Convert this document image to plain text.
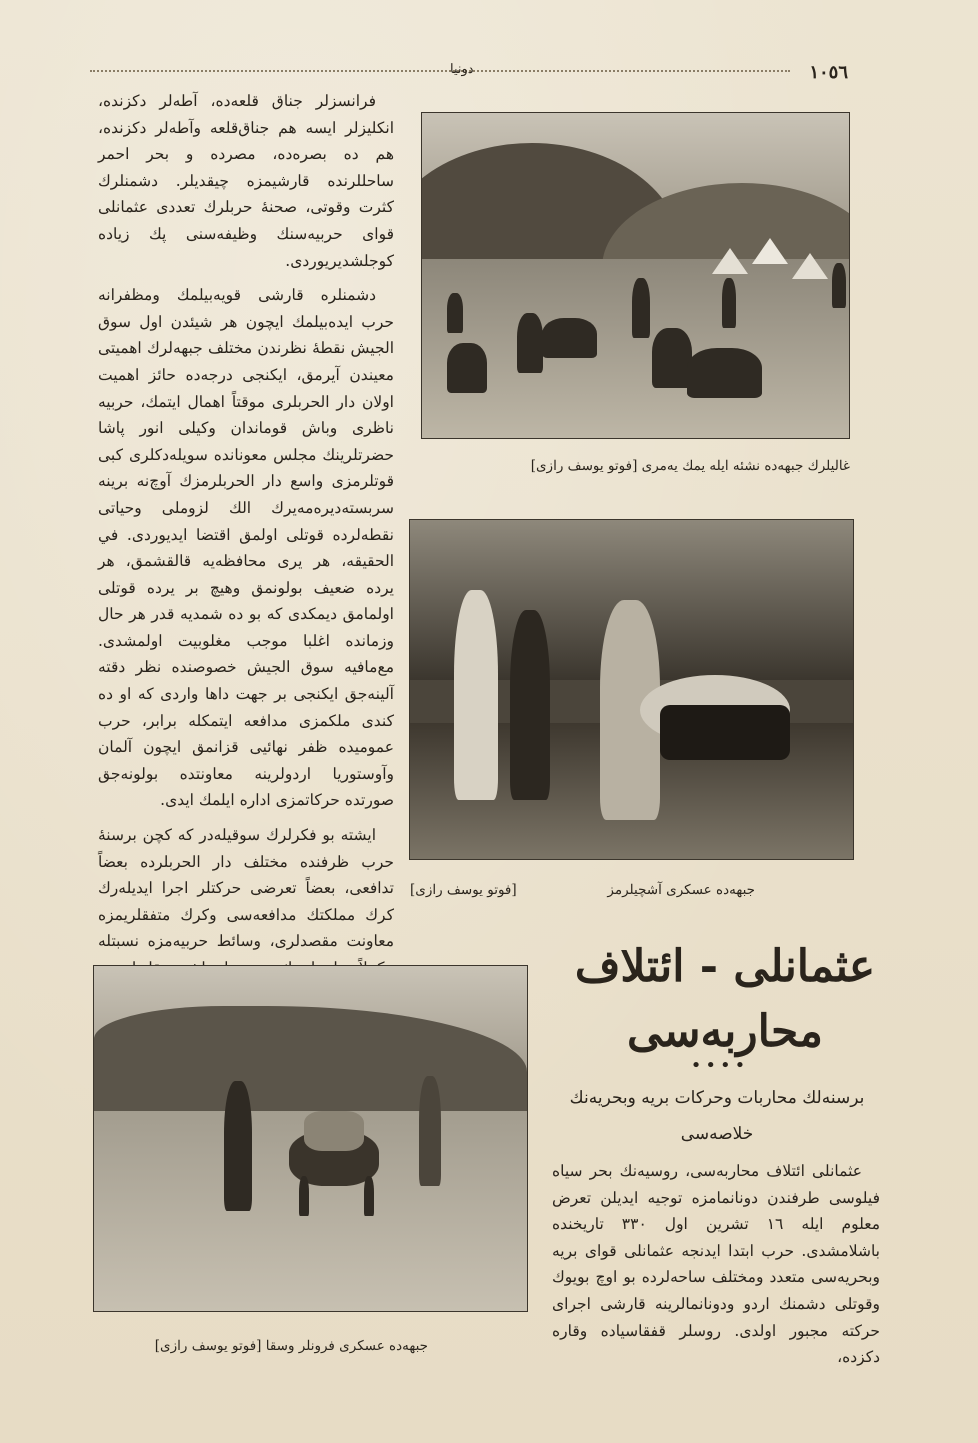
دونيا	١٠٥٦

فرانسزلر جناق قلعه‌ده، آطه‌لر دكزنده، انكليزلر ايسه هم جناق‌قلعه وآطه‌لر دكزنده، هم ده بصره‌ده، مصرده و بحر احمر ساحللرنده قارشيمزه چيقديلر. دشمنلرك كثرت وقوتى، صحنهٔ حربلرك تعددى عثمانلى قواى حربيه‌سنك وظيفه‌سنى پك زياده كوجلشديريوردى.

دشمنلره قارشى قويه‌بيلمك ومظفرانه حرب ايده‌بيلمك ايچون هر شيئدن اول سوق الجيش نقطهٔ نظرندن مختلف جبهه‌لرك اهميتى معيندن آيرمق، ايكنجى درجه‌ده حائز اهميت اولان دار الحربلرى موقتاً اهمال ايتمك، حربيه ناظرى وباش قوماندان وكيلى انور پاشا حضرتلرينك مجلس معونانده سويله‌دكلرى كبى قوتلرمزى واسع دار الحربلرمزك آوچ‌نه برينه سربسته‌ديره‌مه‌يرك الك لزوملى وحياتى نقطه‌لرده قوتلى اولمق اقتضا ايديوردى. في الحقيقه، هر يرى محافظه‌يه قالقشمق، هر يرده ضعيف بولونمق وهيچ بر يرده قوتلى اولمامق ديمكدى كه بو ده شمديه قدر هر حال وزمانده اغلبا موجب مغلوبيت اولمشدى. مع‌مافيه سوق الجيش خصوصنده نظر دقته آلينه‌جق ايكنجى بر جهت داها واردى كه او ده كندى ملكمزى مدافعه ايتمكله برابر، حرب عموميده ظفر نهائيى قزانمق ايچون آلمان وآوستوريا اردولرينه معاونتده بولونه‌جق صورتده حركاتمزى اداره ايلمك ايدى.

ايشته بو فكرلرك سوقيله‌در كه كچن برسنهٔ حرب ظرفنده مختلف دار الحربلرده بعضاً تدافعى، بعضاً تعرضى حركتلر اجرا ايديله‌رك كرك مملكتك مدافعه‌سى وكرك متفقلريمزه معاونت مقصدلرى، وسائط حربيه‌مزه نسبتله

غاليلرك جبهه‌ده نشئه ايله يمك يه‌مرى [فوتو يوسف رازى]
[فوتو يوسف رازى]	جبهه‌ده عسكرى آشچيلرمز
جبهه‌ده عسكرى فرونلر وسقا [فوتو يوسف رازى]
عثمانلى - ائتلاف
محاربه‌سى
••••
برسنه‌لك محاربات وحركات بريه وبحريه‌نك
خلاصه‌سى
عثمانلى ائتلاف محاربه‌سى، روسيه‌نك بحر سياه فيلوسى طرفندن دونانمامزه توجيه ايديلن تعرض معلوم ايله ١٦ تشرين اول ٣٣٠ تاريخنده باشلامشدى. حرب ابتدا ايدنجه عثمانلى قواى بريه وبحريه‌سى متعدد ومختلف ساحه‌لرده بو اوچ بويوك وقوتلى دشمنك اردو ودونانمالرينه قارشى اجراى حركته مجبور اولدى. روسلر قفقاسياده وقارە دكزده،
